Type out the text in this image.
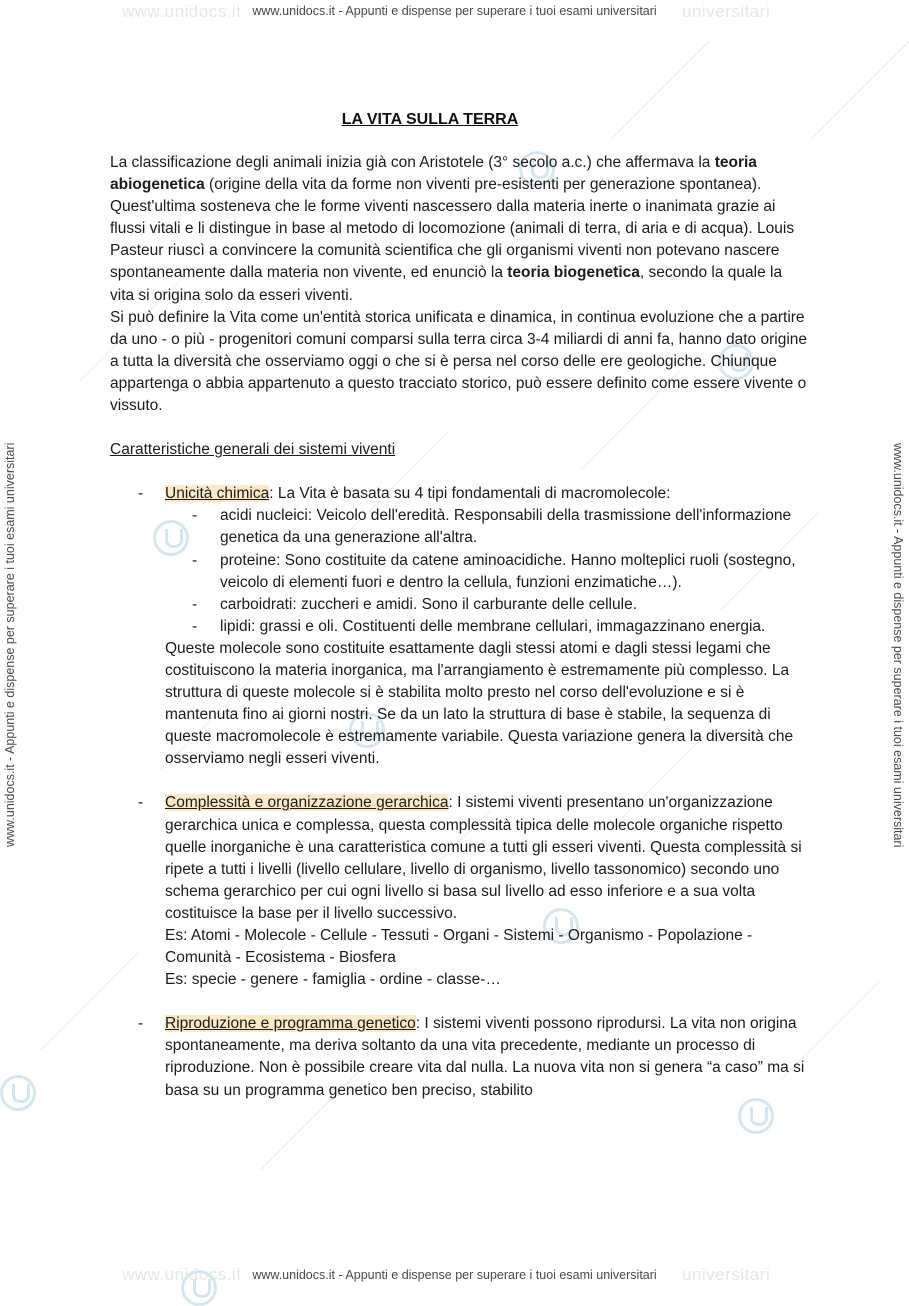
www.unidocs.it	universitari
www.unidocs.it	universitari
www.unidocs.it - Appunti e dispense per superare i tuoi esami universitari
www.unidocs.it - Appunti e dispense per superare i tuoi esami universitari
www.unidocs.it - Appunti e dispense per superare i tuoi esami universitari	www.unidocs.it - Appunti e dispense per superare i tuoi esami universitari
LA VITA SULLA TERRA

La classificazione degli animali inizia già con Aristotele (3° secolo a.c.) che affermava la teoria abiogenetica (origine della vita da forme non viventi pre-esistenti per generazione spontanea). Quest'ultima sosteneva che le forme viventi nascessero dalla materia inerte o inanimata grazie ai flussi vitali e li distingue in base al metodo di locomozione (animali di terra, di aria e di acqua). Louis Pasteur riuscì a convincere la comunità scientifica che gli organismi viventi non potevano nascere spontaneamente dalla materia non vivente, ed enunciò la teoria biogenetica, secondo la quale la vita si origina solo da esseri viventi.

Si può definire la Vita come un'entità storica unificata e dinamica, in continua evoluzione che a partire da uno - o più - progenitori comuni comparsi sulla terra circa 3-4 miliardi di anni fa, hanno dato origine a tutta la diversità che osserviamo oggi o che si è persa nel corso delle ere geologiche. Chiunque appartenga o abbia appartenuto a questo tracciato storico, può essere definito come essere vivente o vissuto.

Caratteristiche generali dei sistemi viventi

- Unicità chimica: La Vita è basata su 4 tipi fondamentali di macromolecole:

- acidi nucleici: Veicolo dell'eredità. Responsabili della trasmissione dell'informazione genetica da una generazione all'altra.
- proteine: Sono costituite da catene aminoacidiche. Hanno molteplici ruoli (sostegno, veicolo di elementi fuori e dentro la cellula, funzioni enzimatiche…).
- carboidrati: zuccheri e amidi. Sono il carburante delle cellule.
- lipidi: grassi e oli. Costituenti delle membrane cellulari, immagazzinano energia.

Queste molecole sono costituite esattamente dagli stessi atomi e dagli stessi legami che costituiscono la materia inorganica, ma l'arrangiamento è estremamente più complesso. La struttura di queste molecole si è stabilita molto presto nel corso dell'evoluzione e si è mantenuta fino ai giorni nostri. Se da un lato la struttura di base è stabile, la sequenza di queste macromolecole è estremamente variabile. Questa variazione genera la diversità che osserviamo negli esseri viventi.

- Complessità e organizzazione gerarchica: I sistemi viventi presentano un'organizzazione gerarchica unica e complessa, questa complessità tipica delle molecole organiche rispetto quelle inorganiche è una caratteristica comune a tutti gli esseri viventi. Questa complessità si ripete a tutti i livelli (livello cellulare, livello di organismo, livello tassonomico) secondo uno schema gerarchico per cui ogni livello si basa sul livello ad esso inferiore e a sua volta costituisce la base per il livello successivo.

Es: Atomi - Molecole - Cellule - Tessuti - Organi - Sistemi - Organismo - Popolazione - Comunità - Ecosistema - Biosfera

Es: specie - genere - famiglia - ordine - classe-…

- Riproduzione e programma genetico: I sistemi viventi possono riprodursi. La vita non origina spontaneamente, ma deriva soltanto da una vita precedente, mediante un processo di riproduzione. Non è possibile creare vita dal nulla. La nuova vita non si genera “a caso” ma si basa su un programma genetico ben preciso, stabilito
